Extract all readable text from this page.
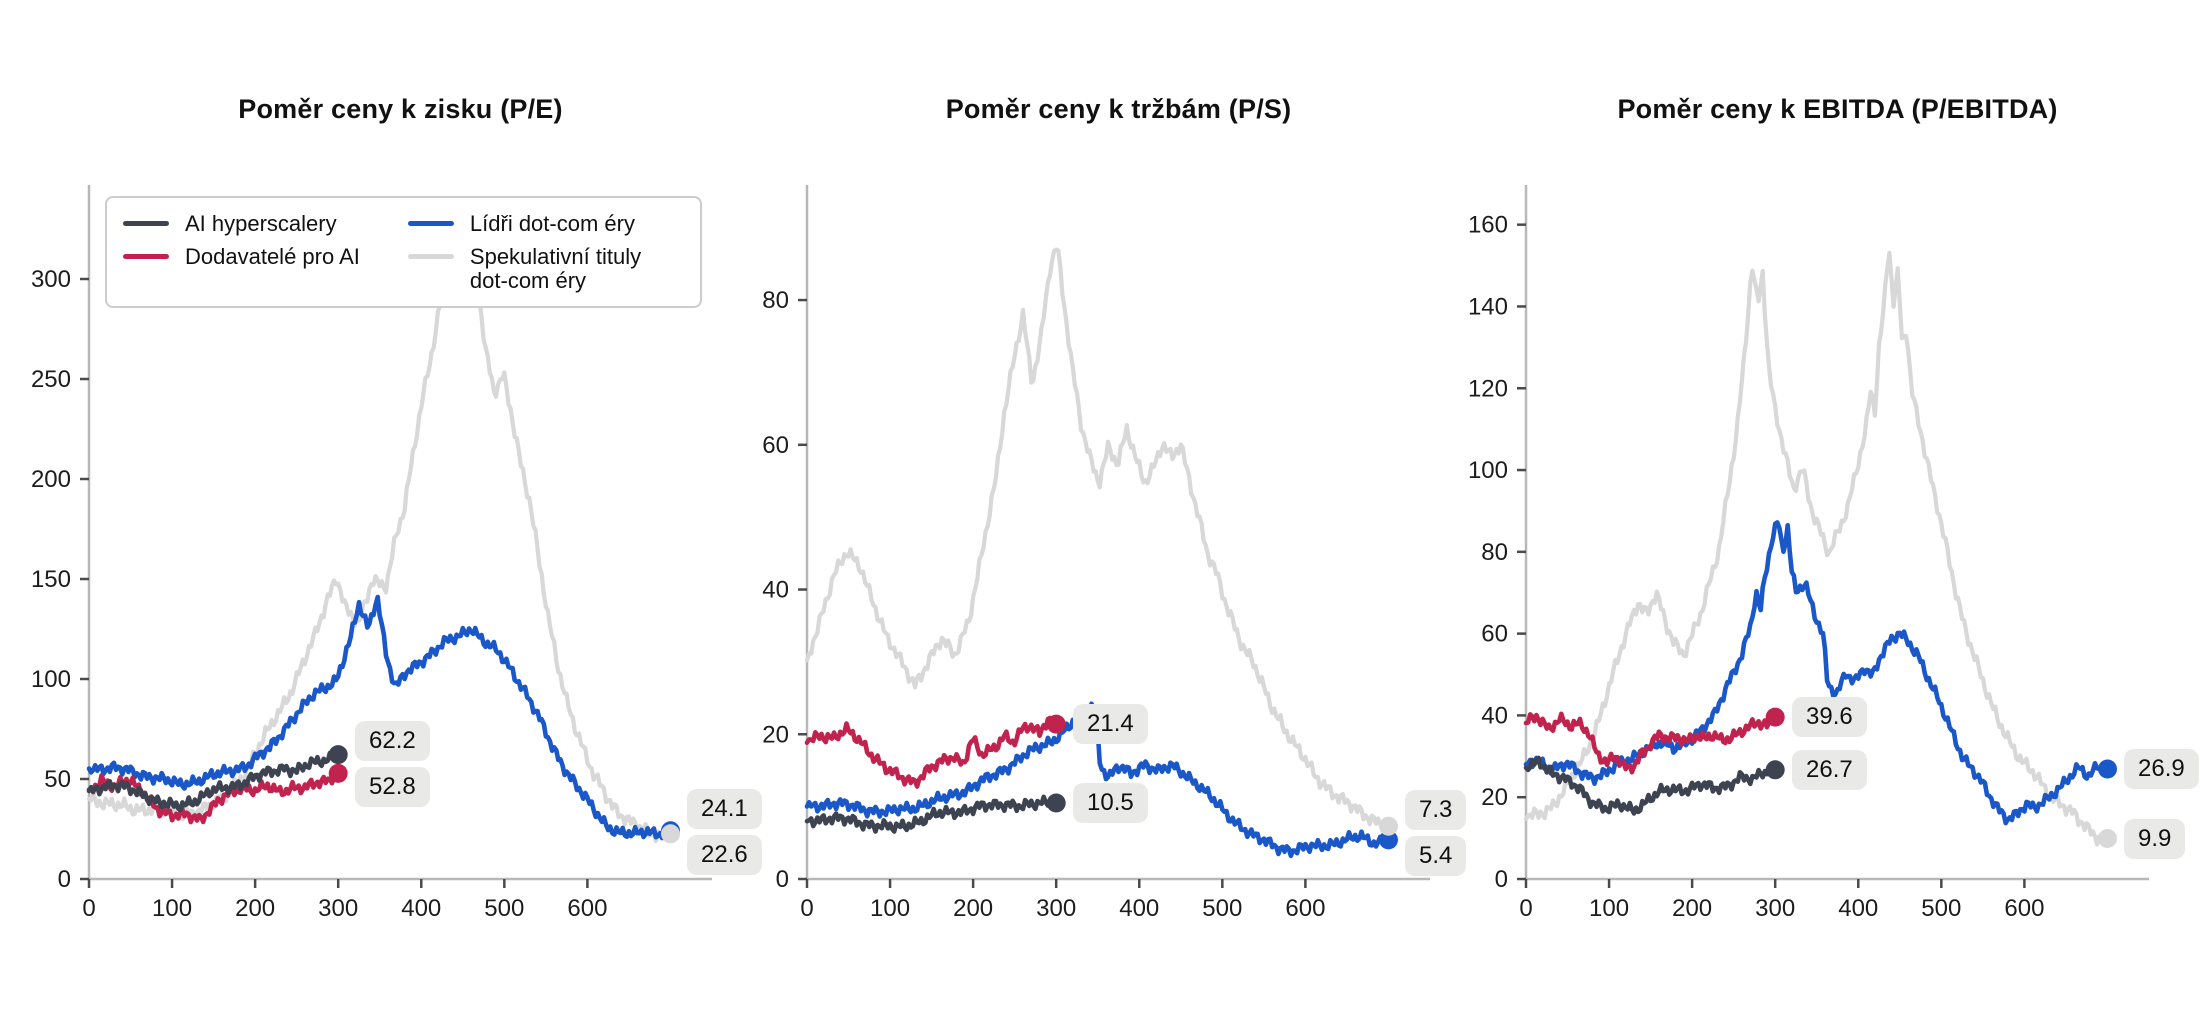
Poměr ceny k zisku (P/E)
0
50
100
150
200
250
300
0 100 200 300 400 500 600
AI hyperscalery
Dodavatelé pro AI
Lídři dot-com éry
Spekulativní tituly dot-com éry
62.2
52.8
24.1
22.6
Poměr ceny k tržbám (P/S)
0
20
40
60
80
0 100 200 300 400 500 600
21.4
10.5	7.3
5.4
Poměr ceny k EBITDA (P/EBITDA)
0
20
40
60
80
100
120
140
160
0 100 200 300 400 500 600
39.6
26.7	26.9
9.9
